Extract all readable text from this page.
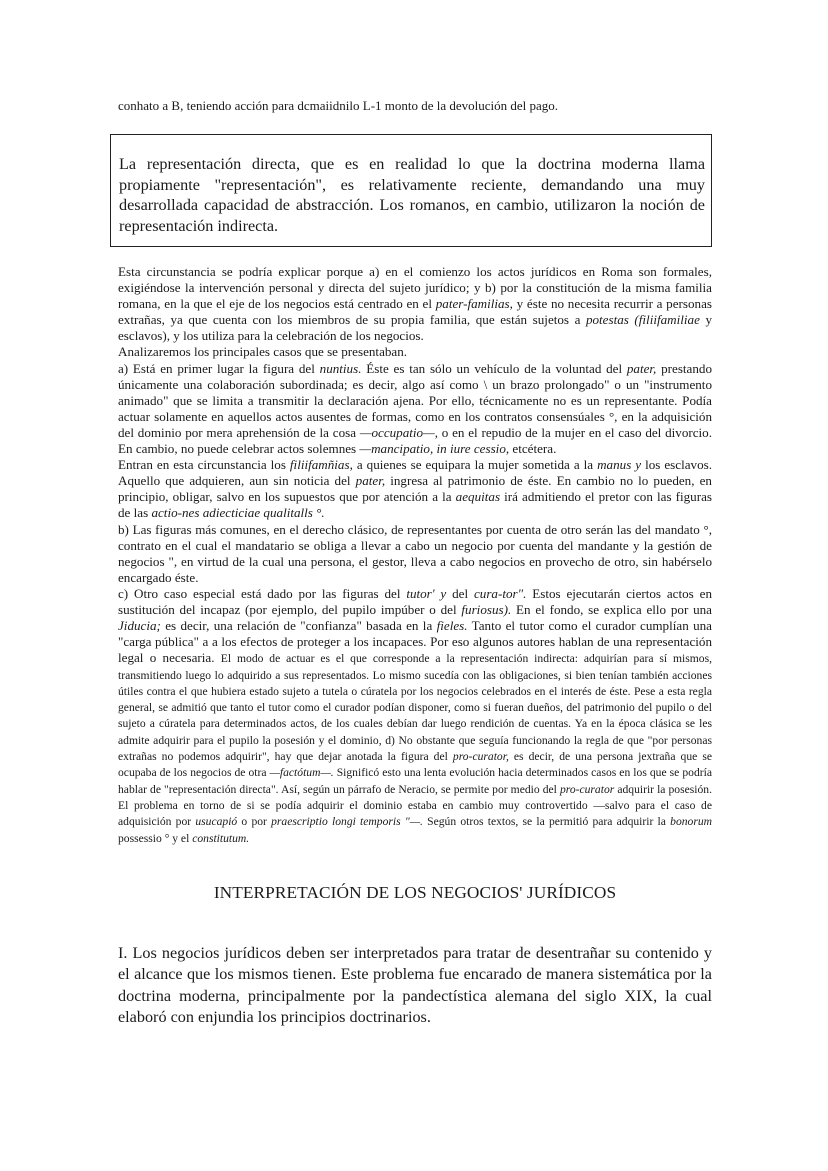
conhato a B, teniendo acción para dcmaiidnilo L-1 monto de la devolución del pago.
La representación directa, que es en realidad lo que la doctrina moderna llama propiamente "representación", es relativamente reciente, demandando una muy desarrollada capacidad de abstracción. Los romanos, en cambio, utilizaron la noción de representación indirecta.

Esta circunstancia se podría explicar porque a) en el comienzo los actos jurídicos en Roma son formales, exigiéndose la intervención personal y directa del sujeto jurídico; y b) por la constitución de la misma familia romana, en la que el eje de los negocios está centrado en el pater-familias, y éste no necesita recurrir a personas extrañas, ya que cuenta con los miembros de su propia familia, que están sujetos a potestas (filiifamiliae y esclavos), y los utiliza para la celebración de los negocios.

Analizaremos los principales casos que se presentaban.

a) Está en primer lugar la figura del nuntius. Éste es tan sólo un vehículo de la voluntad del pater, prestando únicamente una colaboración subordinada; es decir, algo así como \ un brazo prolongado" o un "instrumento animado" que se limita a transmitir la declaración ajena. Por ello, técnicamente no es un representante. Podía actuar solamente en aquellos actos ausentes de formas, como en los contratos consensúales °, en la adquisición del dominio por mera aprehensión de la cosa —occupatio—, o en el repudio de la mujer en el caso del divorcio. En cambio, no puede celebrar actos solemnes —mancipatio, in iure cessio, etcétera.

Entran en esta circunstancia los filiifamñias, a quienes se equipara la mujer sometida a la manus y los esclavos. Aquello que adquieren, aun sin noticia del pater, ingresa al patrimonio de éste. En cambio no lo pueden, en principio, obligar, salvo en los supuestos que por atención a la aequitas irá admitiendo el pretor con las figuras de las actio-nes adiecticiae qualitalls °.

b) Las figuras más comunes, en el derecho clásico, de representantes por cuenta de otro serán las del mandato °, contrato en el cual el mandatario se obliga a llevar a cabo un negocio por cuenta del mandante y la gestión de negocios ", en virtud de la cual una persona, el gestor, lleva a cabo negocios en provecho de otro, sin habérselo encargado éste.

c) Otro caso especial está dado por las figuras del tutor' y del cura-tor". Estos ejecutarán ciertos actos en sustitución del incapaz (por ejemplo, del pupilo impúber o del furiosus). En el fondo, se explica ello por una Jiducia; es decir, una relación de "confianza" basada en la fieles. Tanto el tutor como el curador cumplían una "carga pública" a a los efectos de proteger a los incapaces. Por eso algunos autores hablan de una representación legal o necesaria. El modo de actuar es el que corresponde a la representación indirecta: adquirían para sí mismos, transmitiendo luego lo adquirido a sus representados. Lo mismo sucedía con las obligaciones, si bien tenían también acciones útiles contra el que hubiera estado sujeto a tutela o cúratela por los negocios celebrados en el interés de éste. Pese a esta regla general, se admitió que tanto el tutor como el curador podían disponer, como si fueran dueños, del patrimonio del pupilo o del sujeto a cúratela para determinados actos, de los cuales debían dar luego rendición de cuentas. Ya en la época clásica se les admite adquirir para el pupilo la posesión y el dominio, d) No obstante que seguía funcionando la regla de que "por personas extrañas no podemos adquirir", hay que dejar anotada la figura del pro-curator, es decir, de una persona jextraña que se ocupaba de los negocios de otra —factótum—. Significó esto una lenta evolución hacia determinados casos en los que se podría hablar de "representación directa". Así, según un párrafo de Neracio, se permite por medio del pro-curator adquirir la posesión. El problema en torno de si se podía adquirir el dominio estaba en cambio muy controvertido —salvo para el caso de adquisición por usucapió o por praescriptio longi temporis "—. Según otros textos, se la permitió para adquirir la bonorum possessio ° y el constitutum.

INTERPRETACIÓN DE LOS NEGOCIOS' JURÍDICOS
I. Los negocios jurídicos deben ser interpretados para tratar de desentrañar su contenido y el alcance que los mismos tienen. Este problema fue encarado de manera sistemática por la doctrina moderna, principalmente por la pandectística alemana del siglo XIX, la cual elaboró con enjundia los principios doctrinarios.
